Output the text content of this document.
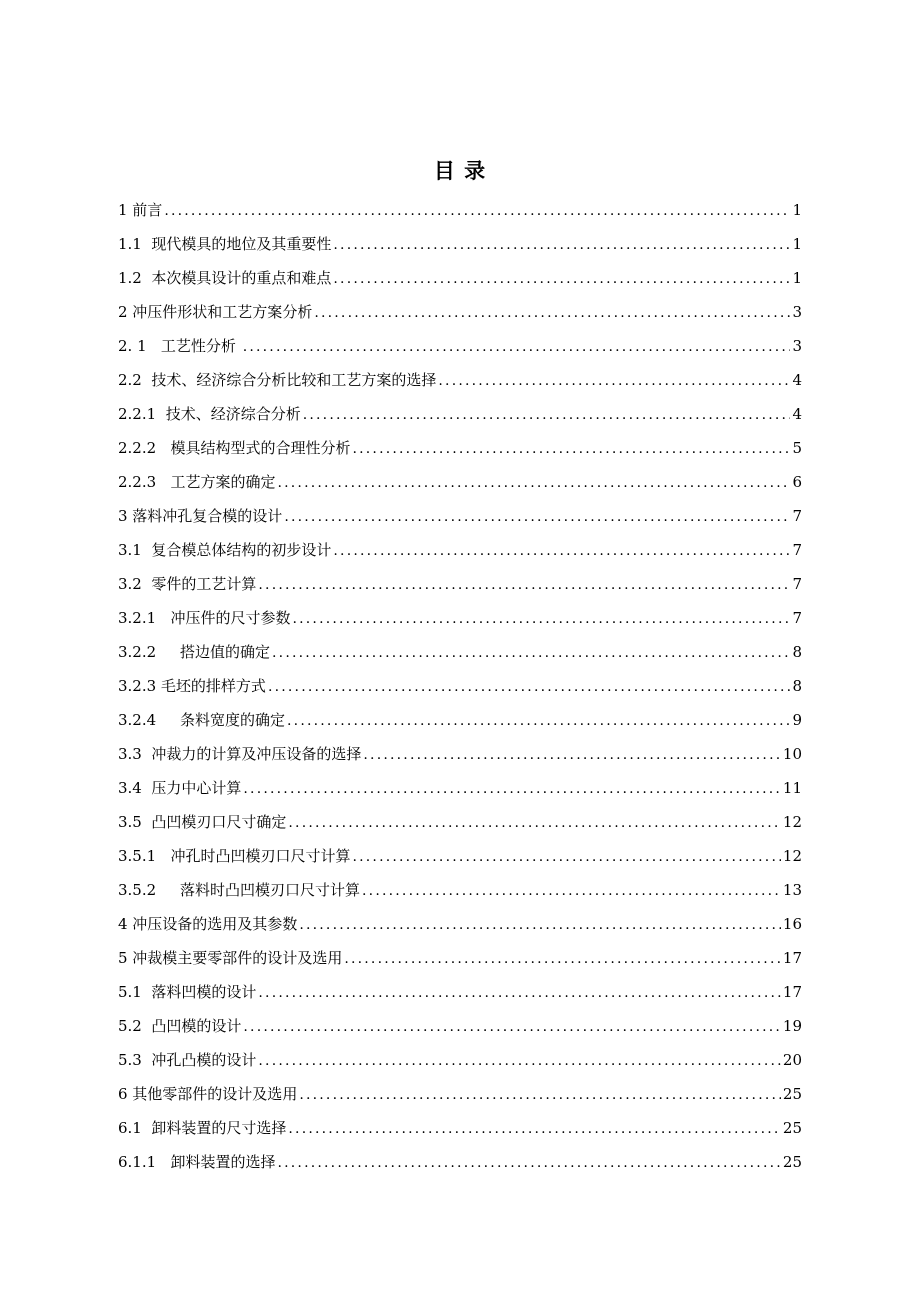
目 录
1 前言 .....	1
1.1  现代模具的地位及其重要性 .....	1
1.2  本次模具设计的重点和难点 .....	1
2 冲压件形状和工艺方案分析 .....	3
2. 1   工艺性分析 .....	3
2.2  技术、经济综合分析比较和工艺方案的选择 .....	4
2.2.1  技术、经济综合分析 .....	4
2.2.2   模具结构型式的合理性分析 .....	5
2.2.3   工艺方案的确定 .....	6
3 落料冲孔复合模的设计 .....	7
3.1  复合模总体结构的初步设计 .....	7
3.2  零件的工艺计算 .....	7
3.2.1   冲压件的尺寸参数 .....	7
3.2.2     搭边值的确定 .....	8
3.2.3 毛坯的排样方式 .....	8
3.2.4     条料宽度的确定 .....	9
3.3  冲裁力的计算及冲压设备的选择 .....	10
3.4  压力中心计算 .....	11
3.5  凸凹模刃口尺寸确定 .....	12
3.5.1   冲孔时凸凹模刃口尺寸计算 .....	12
3.5.2     落料时凸凹模刃口尺寸计算 .....	13
4 冲压设备的选用及其参数 .....	16
5 冲裁模主要零部件的设计及选用 .....	17
5.1  落料凹模的设计 .....	17
5.2  凸凹模的设计 .....	19
5.3  冲孔凸模的设计 .....	20
6 其他零部件的设计及选用 .....	25
6.1  卸料装置的尺寸选择 .....	25
6.1.1   卸料装置的选择 .....	25
